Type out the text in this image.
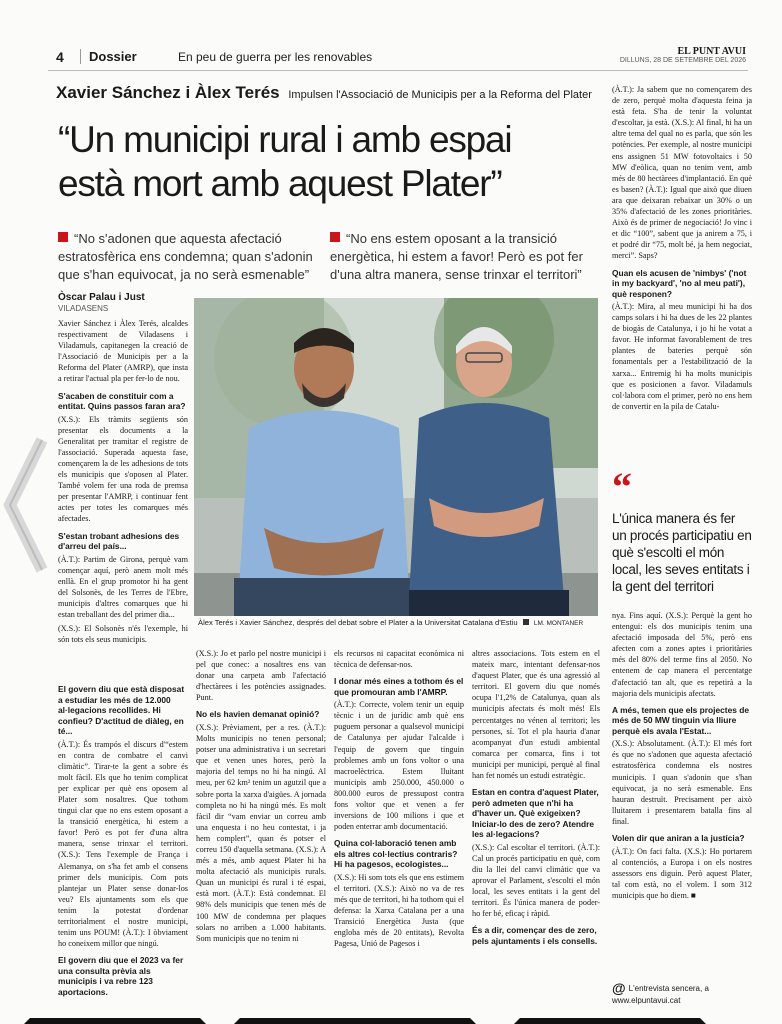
4	Dossier	En peu de guerra per les renovables	EL PUNT AVUI
DILLUNS, 28 DE SETEMBRE DEL 2026
Xavier Sánchez i Àlex Terés Impulsen l'Associació de Municipis per a la Reforma del Plater
“Un municipi rural i amb espai
està mort amb aquest Plater”
“No s'adonen que aquesta afectació estratosfèrica ens condemna; quan s'adonin que s'han equivocat, ja no serà esmenable”
“No ens estem oposant a la transició energètica, hi estem a favor! Però es pot fer d'una altra manera, sense trinxar el territori”
Òscar Palau i Just
VILADASENS

Xavier Sánchez i Àlex Terés, alcaldes respectivament de Viladasens i Viladamuls, capitanegen la creació de l'Associació de Municipis per a la Reforma del Plater (AMRP), que insta a retirar l'actual pla per fer-lo de nou.

S'acaben de constituir com a entitat. Quins passos faran ara?

(X.S.): Els tràmits següents són presentar els documents a la Generalitat per tramitar el registre de l'associació. Superada aquesta fase, començarem la de les adhesions de tots els municipis que s'oposen al Plater. També volem fer una roda de premsa per presentar l'AMRP, i continuar fent actes per totes les comarques més afectades.

S'estan trobant adhesions des d'arreu del país...

(À.T.): Partim de Girona, perquè vam començar aquí, però anem molt més enllà. En el grup promotor hi ha gent del Solsonès, de les Terres de l'Ebre, municipis d'altres comarques que hi estan treballant des del primer dia...

(X.S.): El Solsonès n'és l'exemple, hi són tots els seus municipis.

El govern diu que està disposat a estudiar les més de 12.000 al·legacions recollides. Hi confieu? D'actitud de diàleg, en té...

(À.T.): És trampós el discurs d'“estem en contra de combatre el canvi climàtic”. Tirar-te la gent a sobre és molt fàcil. Els que ho tenim complicat per explicar per què ens oposem al Plater som nosaltres. Que tothom tingui clar que no ens estem oposant a la transició energètica, hi estem a favor! Però es pot fer d'una altra manera, sense trinxar el territori. (X.S.): Tens l'exemple de França i Alemanya, on s'ha fet amb el consens primer dels municipis. Com pots plantejar un Plater sense donar-los veu? Els ajuntaments som els que tenim la potestat d'ordenar territorialment el nostre municipi, tenim uns POUM! (À.T.): I òbviament ho coneixem millor que ningú.

El govern diu que el 2023 va fer una consulta prèvia als municipis i va rebre 123 aportacions.

(X.S.): Jo et parlo pel nostre municipi i pel que conec: a nosaltres ens van donar una carpeta amb l'afectació d'hectàrees i les potències assignades. Punt.

No els havien demanat opinió?

(X.S.): Prèviament, per a res. (À.T.): Molts municipis no tenen personal; potser una administrativa i un secretari que et venen unes hores, però la majoria del temps no hi ha ningú. Al meu, per 62 km² tenim un agutzil que a sobre porta la xarxa d'aigües. A jornada completa no hi ha ningú més. Es molt fàcil dir “vam enviar un correu amb una enquesta i no heu contestat, i ja hem complert”, quan és potser el correu 150 d'aquella setmana. (X.S.): A més a més, amb aquest Plater hi ha molta afectació als municipis rurals. Quan un municipi és rural i té espai, està mort. (À.T.): Està condemnat. El 98% dels municipis que tenen més de 100 MW de condemna per plaques solars no arriben a 1.000 habitants. Som municipis que no tenim ni

els recursos ni capacitat econòmica ni tècnica de defensar-nos.

I donar més eines a tothom és el que promouran amb l'AMRP.

(À.T.): Correcte, volem tenir un equip tècnic i un de jurídic amb què ens puguem personar a qualsevol municipi de Catalunya per ajudar l'alcalde i l'equip de govern que tinguin problemes amb un fons voltor o una macroelèctrica. Estem lluitant municipis amb 250.000, 450.000 o 800.000 euros de pressupost contra fons voltor que et venen a fer inversions de 100 milions i que et poden enterrar amb documentació.

Quina col·laboració tenen amb els altres col·lectius contraris? Hi ha pagesos, ecologistes...

(X.S.): Hi som tots els que ens estimem el territori. (X.S.): Això no va de res més que de territori, hi ha tothom qui el defensa: la Xarxa Catalana per a una Transició Energètica Justa (que engloba més de 20 entitats), Revolta Pagesa, Unió de Pagesos i

altres associacions. Tots estem en el mateix marc, intentant defensar-nos d'aquest Plater, que és una agressió al territori. El govern diu que només ocupa l'1,2% de Catalunya, quan als municipis afectats és molt més! Els percentatges no vénen al territori; les persones, sí. Tot el pla hauria d'anar acompanyat d'un estudi ambiental comarca per comarca, fins i tot municipi per municipi, perquè al final han fet només un estudi estratègic.

Estan en contra d'aquest Plater, però admeten que n'hi ha d'haver un. Què exigeixen? Iniciar-lo des de zero? Atendre les al·legacions?

(X.S.): Cal escoltar el territori. (À.T.): Cal un procés participatiu en què, com diu la llei del canvi climàtic que va aprovar el Parlament, s'escolti el món local, les seves entitats i la gent del territori. És l'única manera de poder-ho fer bé, eficaç i ràpid.

És a dir, començar des de zero, pels ajuntaments i els consells.

(À.T.): Ja sabem que no començarem des de zero, perquè molta d'aquesta feina ja està feta. S'ha de tenir la voluntat d'escoltar, ja està. (X.S.): Al final, hi ha un altre tema del qual no es parla, que són les potències. Per exemple, al nostre municipi ens assignen 51 MW fotovoltaics i 50 MW d'eòlica, quan no tenim vent, amb més de 80 hectàrees d'implantació. En què es basen? (À.T.): Igual que això que diuen ara que deixaran rebaixar un 30% o un 35% d'afectació de les zones prioritàries. Això és de primer de negociació! Jo vinc i et dic “100”, sabent que ja anirem a 75, i et podré dir “75, molt bé, ja hem negociat, merci”. Saps?

Quan els acusen de 'nimbys' ('not in my backyard', 'no al meu pati'), què responen?

(À.T.): Mira, al meu municipi hi ha dos camps solars i hi ha dues de les 22 plantes de biogàs de Catalunya, i jo hi he votat a favor. He informat favorablement de tres plantes de bateries perquè són fonamentals per a l'estabilització de la xarxa... Entremig hi ha molts municipis que es posicionen a favor. Viladamuls col·labora com el primer, però no ens hem de convertir en la pila de Catalu-

nya. Fins aquí. (X.S.): Perquè la gent ho entengui: els dos municipis tenim una afectació imposada del 5%, però ens afecten com a zones aptes i prioritàries més del 80% del terme fins al 2050. No entenem de cap manera el percentatge d'afectació tan alt, que es repetirà a la majoria dels municipis afectats.

A més, temen que els projectes de més de 50 MW tinguin via lliure perquè els avala l'Estat...

(X.S.): Absolutament. (À.T.): El més fort és que no s'adonen que aquesta afectació estratosfèrica condemna els nostres municipis. I quan s'adonin que s'han equivocat, ja no serà esmenable. Ens hauran destruït. Precisament per això lluitarem i presentarem batalla fins al final.

Volen dir que aniran a la justícia?

(À.T.): On faci falta. (X.S.): Ho portarem al contenciós, a Europa i on els nostres assessors ens diguin. Però aquest Plater, tal com està, no el volem. I som 312 municipis que ho diem. ■

Àlex Terés i Xavier Sánchez, després del debat sobre el Plater a la Universitat Catalana d'Estiu	LM. MONTANER
“
L'única manera és fer un procés participatiu en què s'escolti el món local, les seves entitats i la gent del territori
@ L'entrevista sencera, a www.elpuntavui.cat
